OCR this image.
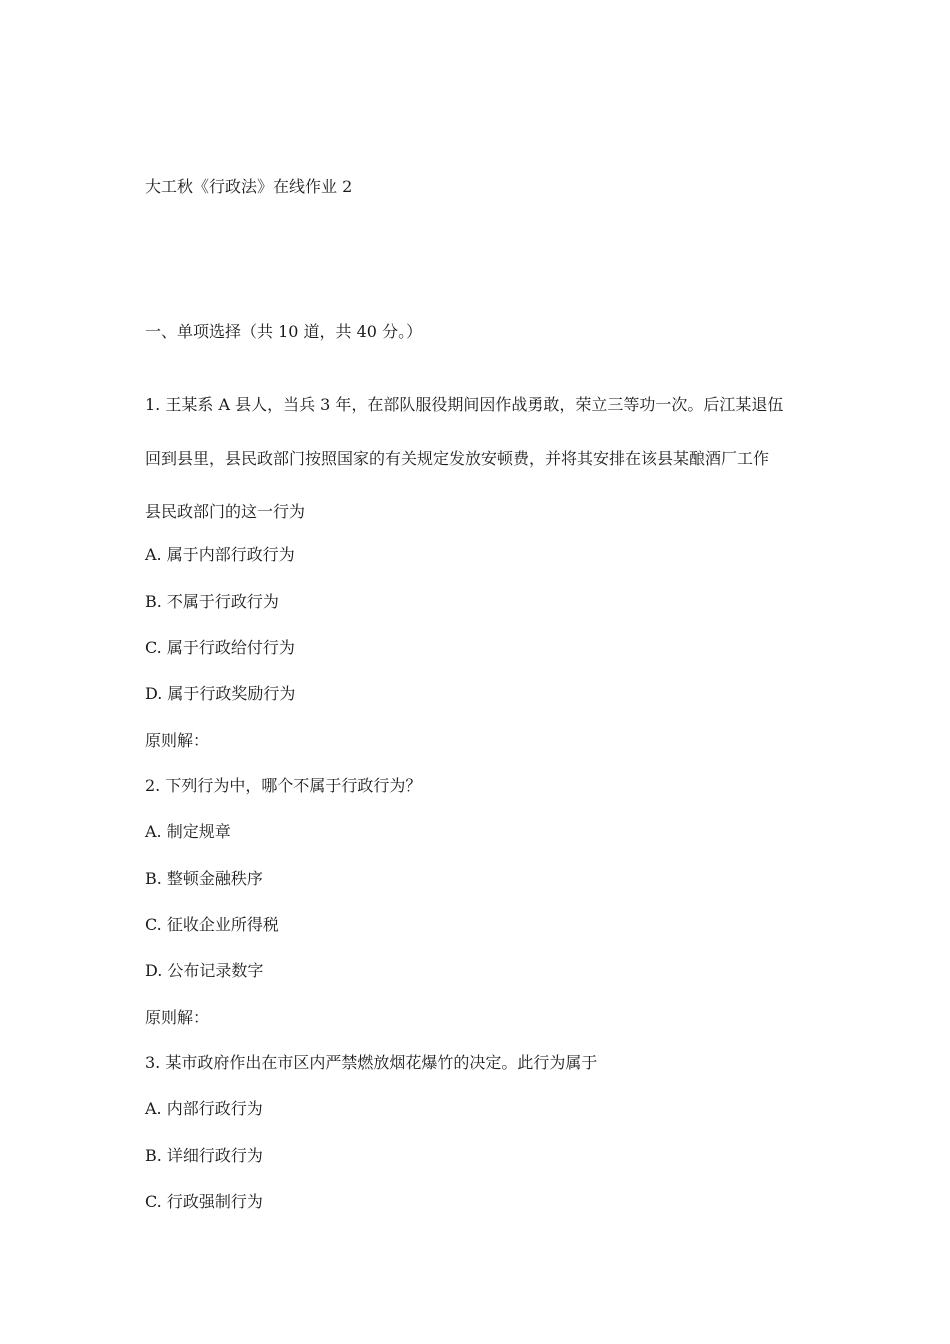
大工秋《行政法》在线作业 2
一、单项选择（共 10 道，共 40 分。）
1. 王某系 A 县人，当兵 3 年，在部队服役期间因作战勇敢，荣立三等功一次。后江某退伍
回到县里，县民政部门按照国家的有关规定发放安顿费，并将其安排在该县某酿酒厂工作
县民政部门的这一行为
A. 属于内部行政行为
B. 不属于行政行为
C. 属于行政给付行为
D. 属于行政奖励行为
原则解：
2. 下列行为中，哪个不属于行政行为？
A. 制定规章
B. 整顿金融秩序
C. 征收企业所得税
D. 公布记录数字
原则解：
3. 某市政府作出在市区内严禁燃放烟花爆竹的决定。此行为属于
A. 内部行政行为
B. 详细行政行为
C. 行政强制行为
